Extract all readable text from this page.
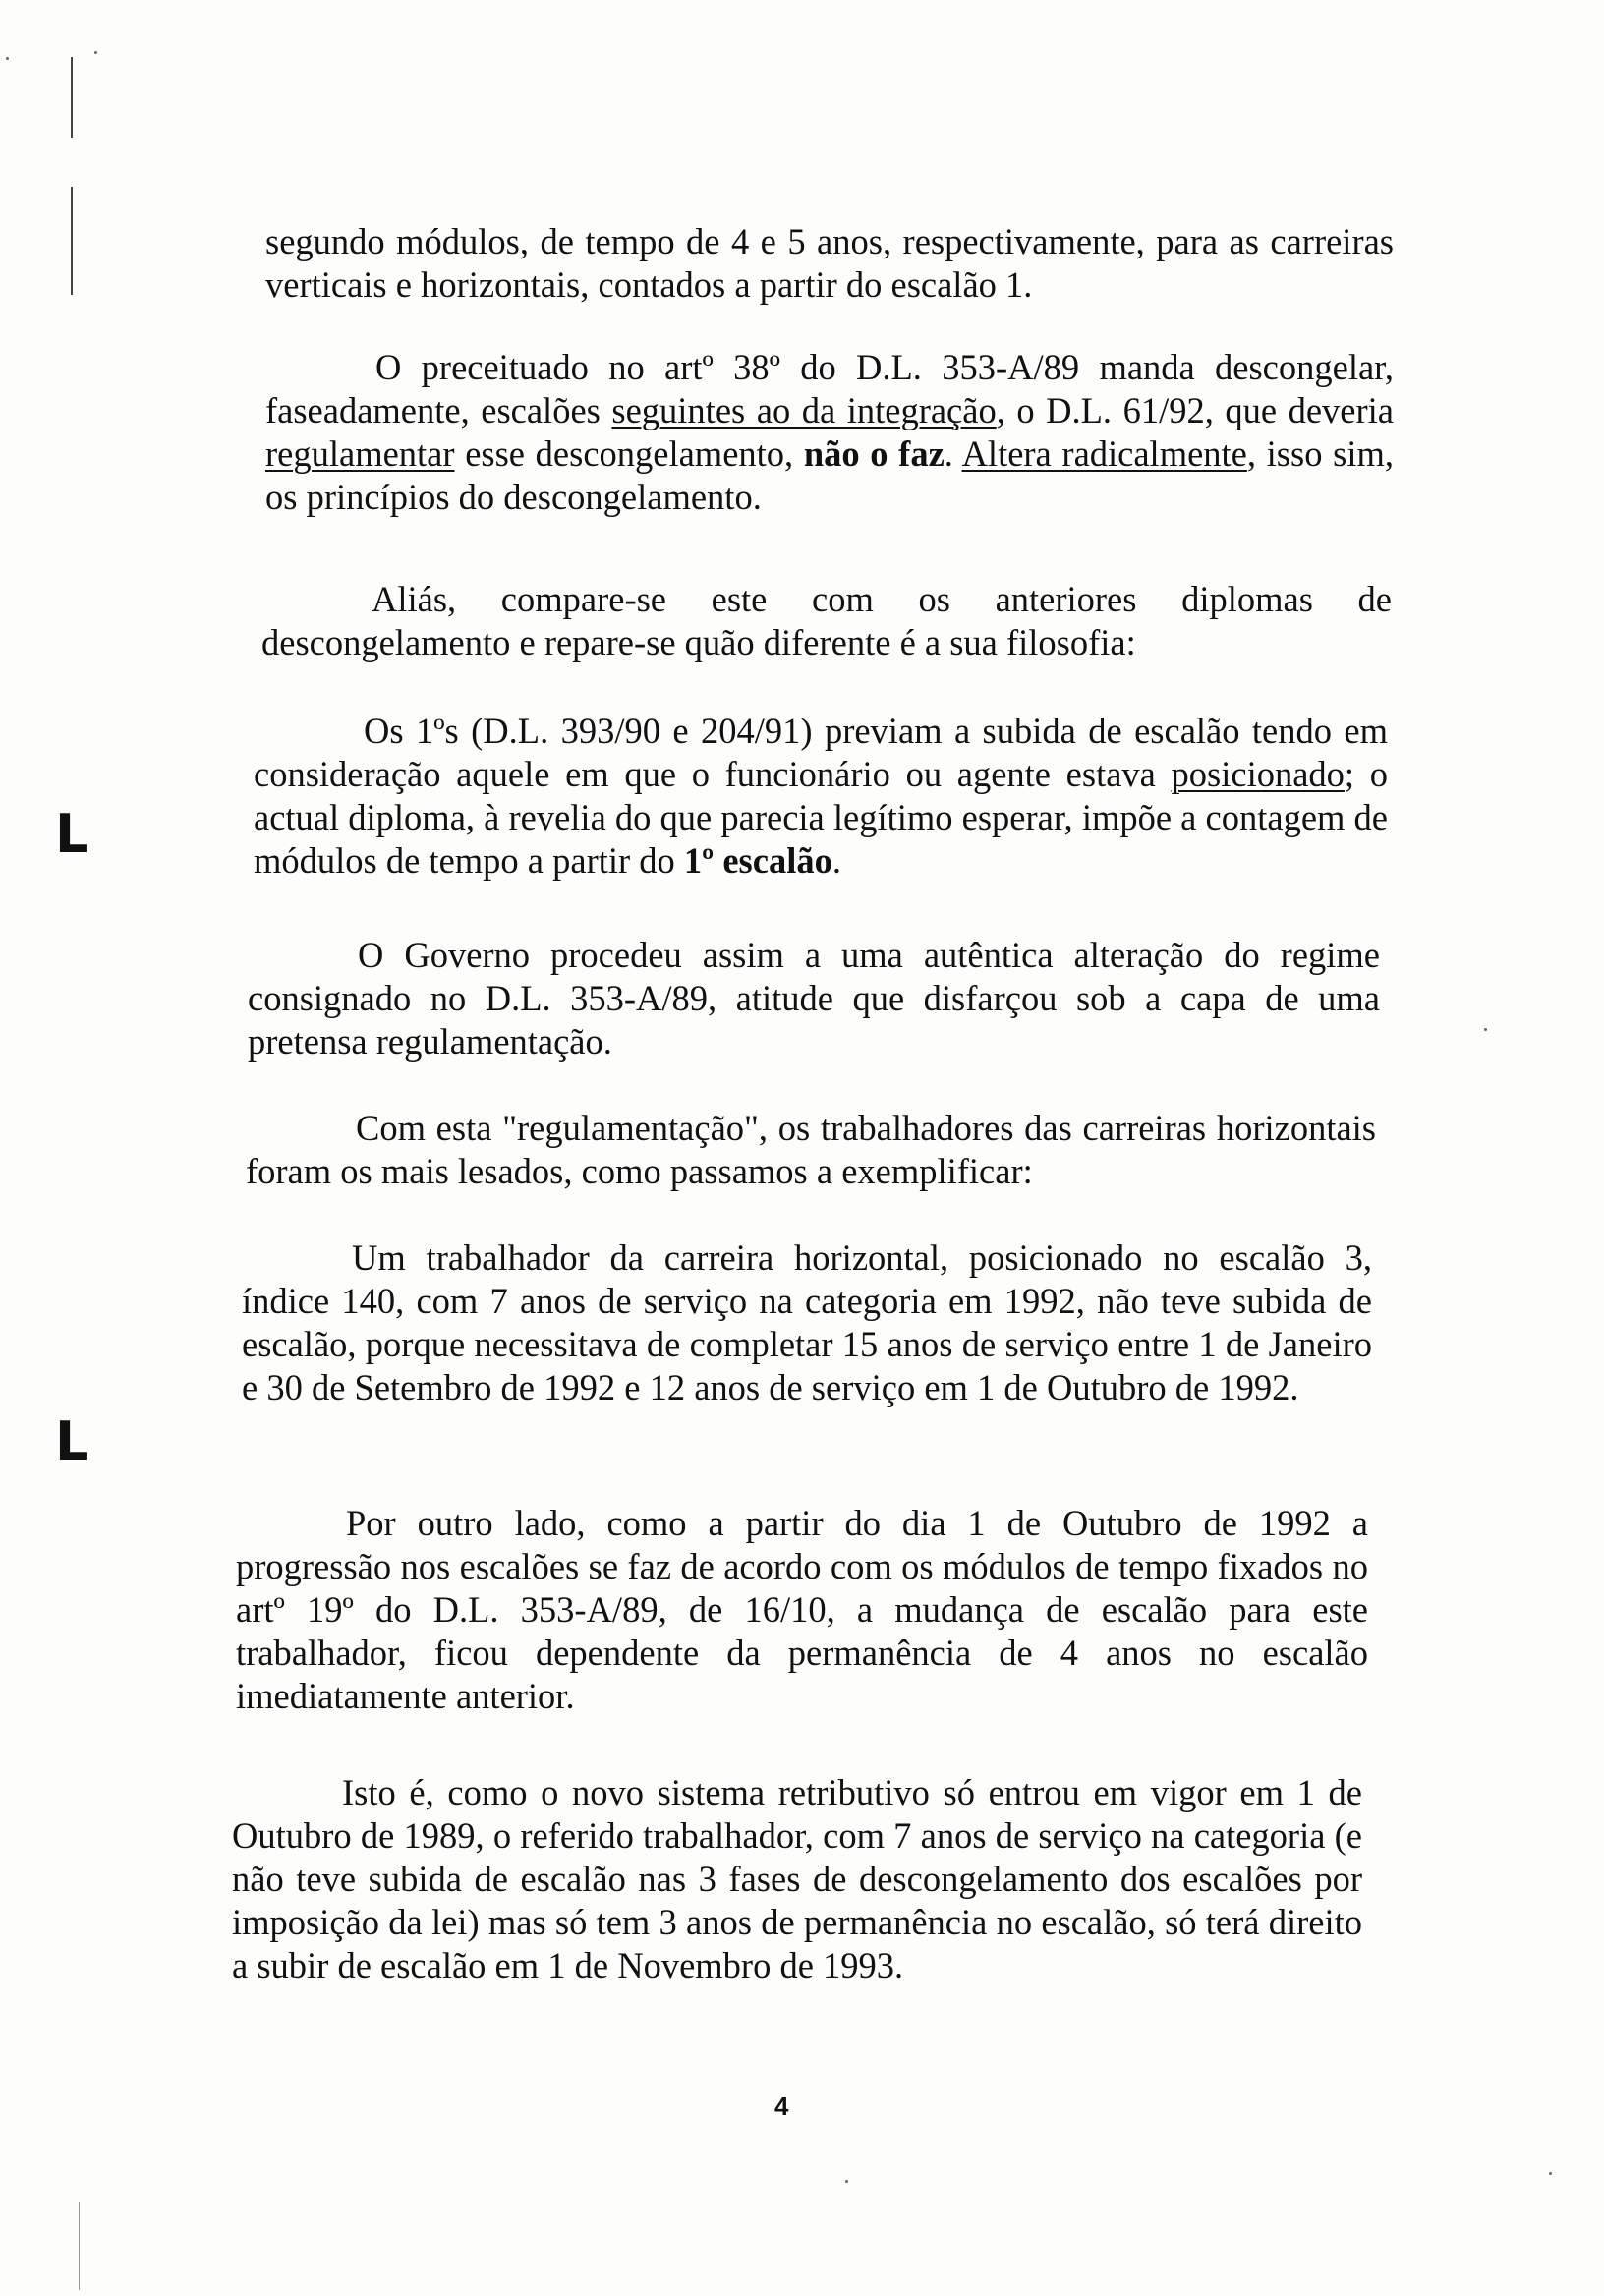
L
L

segundo módulos, de tempo de 4 e 5 anos, respectivamente, para as carreiras verticais e horizontais, contados a partir do escalão 1.

O preceituado no artº 38º do D.L. 353-A/89 manda descongelar, faseadamente, escalões seguintes ao da integração, o D.L. 61/92, que deveria regulamentar esse descongelamento, não o faz. Altera radicalmente, isso sim, os princípios do descongelamento.

Aliás, compare-se este com os anteriores diplomas de descongelamento e repare-se quão diferente é a sua filosofia:

Os 1ºs (D.L. 393/90 e 204/91) previam a subida de escalão tendo em consideração aquele em que o funcionário ou agente estava posicionado; o actual diploma, à revelia do que parecia legítimo esperar, impõe a contagem de módulos de tempo a partir do 1º escalão.

O Governo procedeu assim a uma autêntica alteração do regime consignado no D.L. 353-A/89, atitude que disfarçou sob a capa de uma pretensa regulamentação.

Com esta "regulamentação", os trabalhadores das carreiras horizontais foram os mais lesados, como passamos a exemplificar:

Um trabalhador da carreira horizontal, posicionado no escalão 3, índice 140, com 7 anos de serviço na categoria em 1992, não teve subida de escalão, porque necessitava de completar 15 anos de serviço entre 1 de Janeiro e 30 de Setembro de 1992 e 12 anos de serviço em 1 de Outubro de 1992.

Por outro lado, como a partir do dia 1 de Outubro de 1992 a progressão nos escalões se faz de acordo com os módulos de tempo fixados no artº 19º do D.L. 353-A/89, de 16/10, a mudança de escalão para este trabalhador, ficou dependente da permanência de 4 anos no escalão imediatamente anterior.

Isto é, como o novo sistema retributivo só entrou em vigor em 1 de Outubro de 1989, o referido trabalhador, com 7 anos de serviço na categoria (e não teve subida de escalão nas 3 fases de descongelamento dos escalões por imposição da lei) mas só tem 3 anos de permanência no escalão, só terá direito a subir de escalão em 1 de Novembro de 1993.

4
